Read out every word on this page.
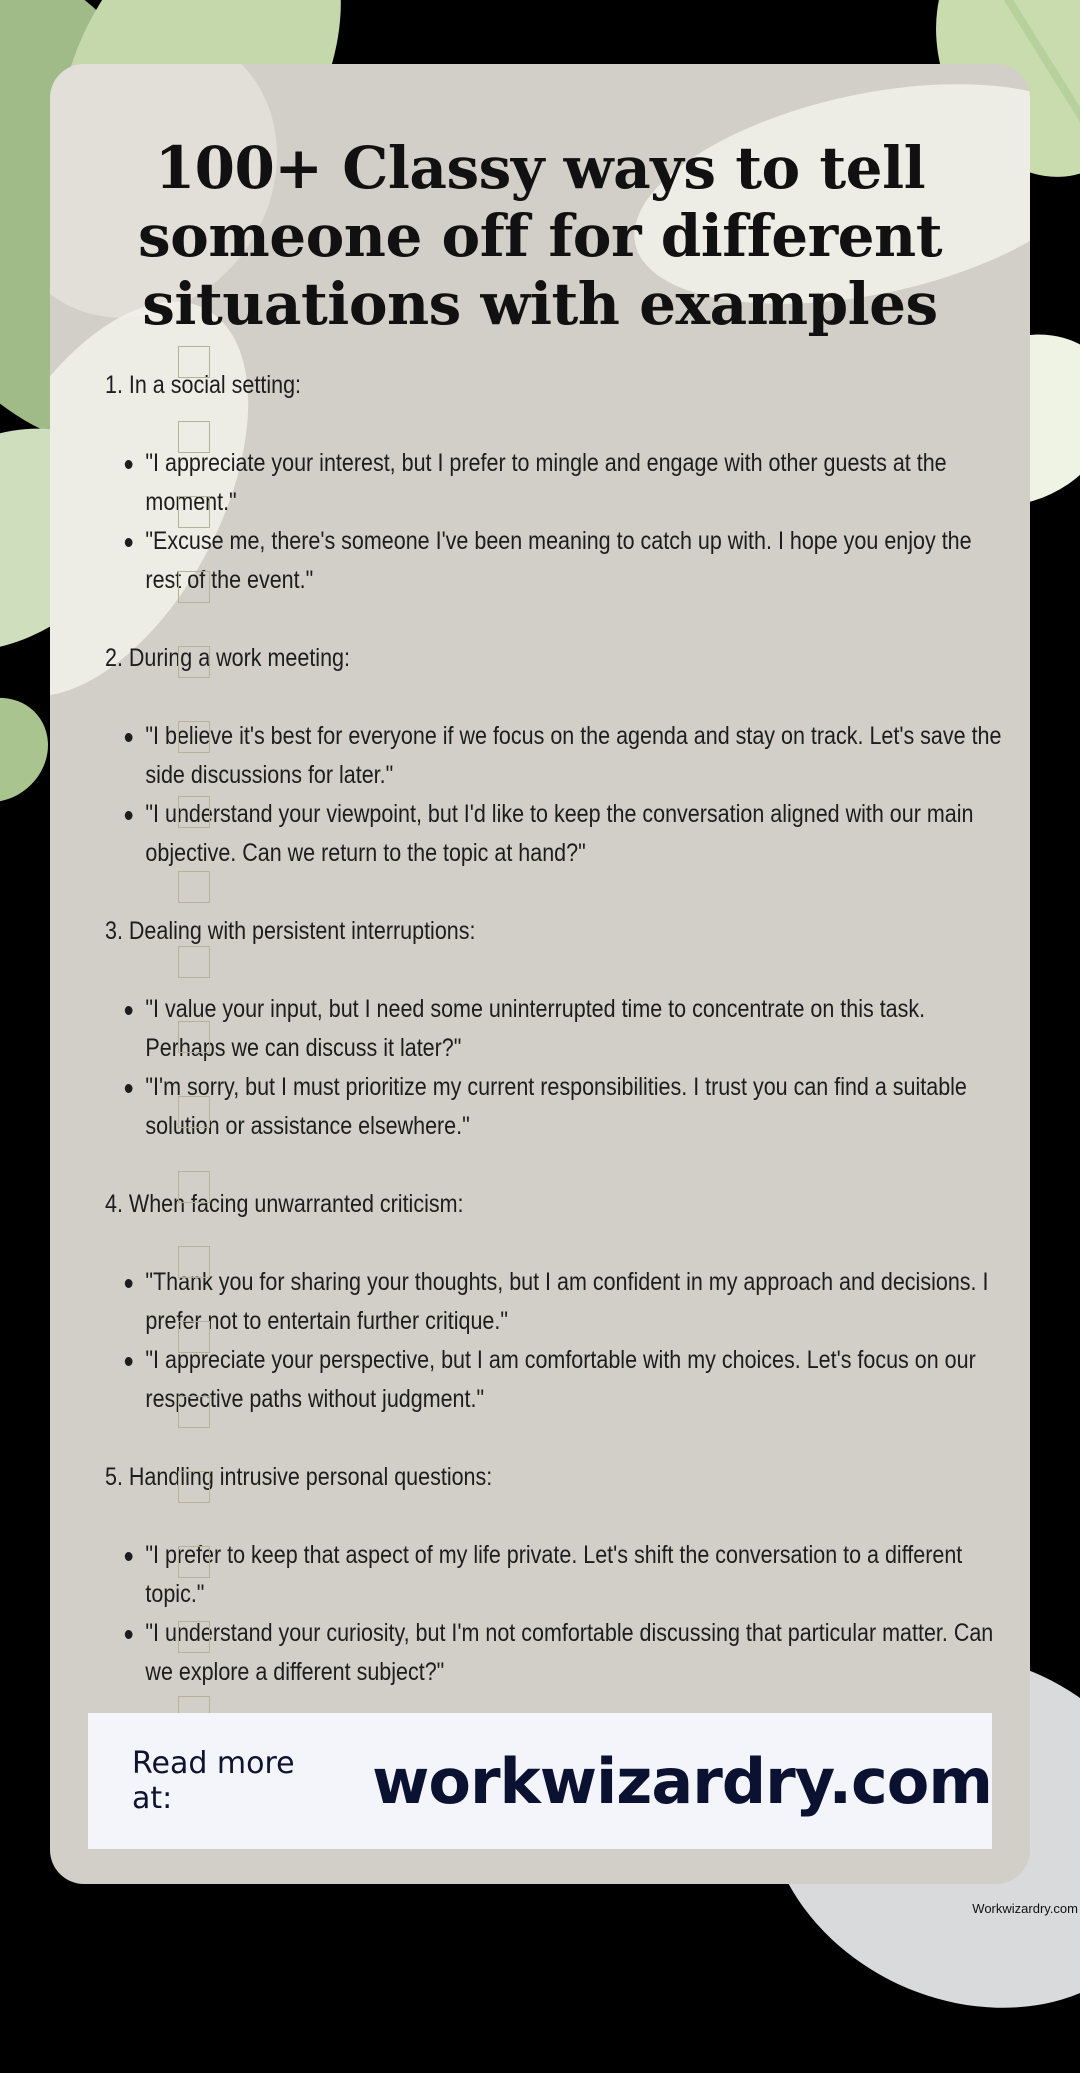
100+ Classy ways to tell someone off for different situations with examples

1. In a social setting:

"I appreciate your interest, but I prefer to mingle and engage with other guests at the moment."
"Excuse me, there's someone I've been meaning to catch up with. I hope you enjoy the rest of the event."

2. During a work meeting:

"I believe it's best for everyone if we focus on the agenda and stay on track. Let's save the side discussions for later."
"I understand your viewpoint, but I'd like to keep the conversation aligned with our main objective. Can we return to the topic at hand?"

3. Dealing with persistent interruptions:

"I value your input, but I need some uninterrupted time to concentrate on this task. Perhaps we can discuss it later?"
"I'm sorry, but I must prioritize my current responsibilities. I trust you can find a suitable solution or assistance elsewhere."

4. When facing unwarranted criticism:

"Thank you for sharing your thoughts, but I am confident in my approach and decisions. I prefer not to entertain further critique."
"I appreciate your perspective, but I am comfortable with my choices. Let's focus on our respective paths without judgment."

5. Handling intrusive personal questions:

"I prefer to keep that aspect of my life private. Let's shift the conversation to a different topic."
"I understand your curiosity, but I'm not comfortable discussing that particular matter. Can we explore a different subject?"
Read more at:	workwizardry.com
Workwizardry.com
